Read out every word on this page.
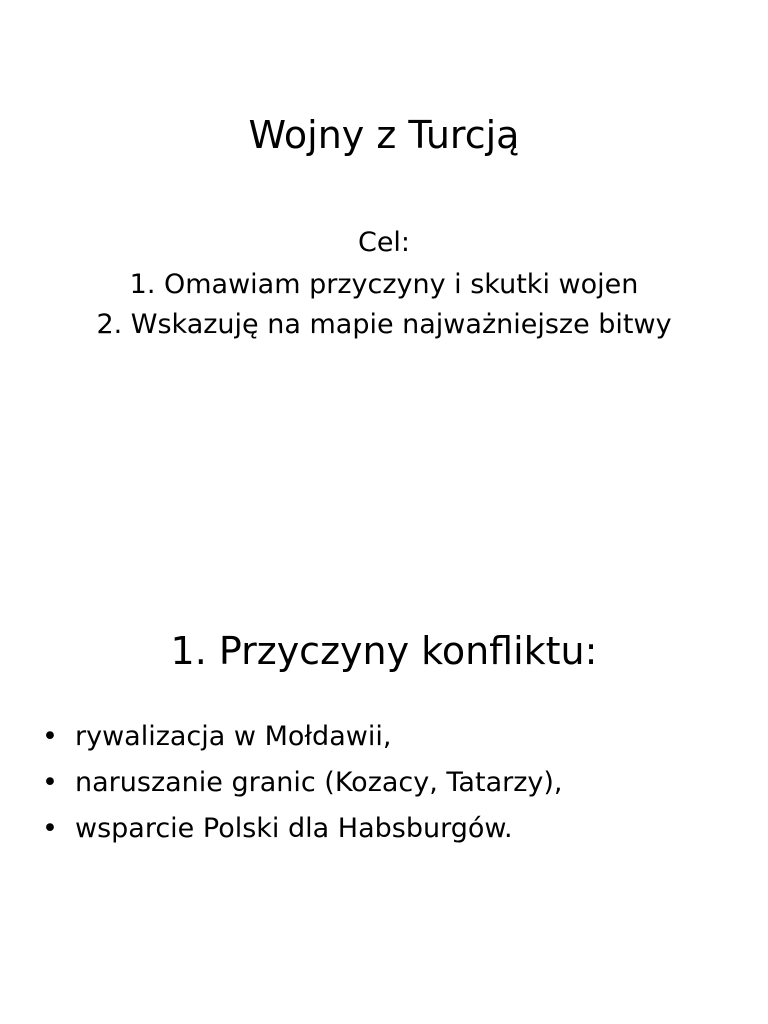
Wojny z Turcją
Cel:
1. Omawiam przyczyny i skutki wojen
2. Wskazuję na mapie najważniejsze bitwy
1. Przyczyny konfliktu:
• rywalizacja w Mołdawii,
• naruszanie granic (Kozacy, Tatarzy),
• wsparcie Polski dla Habsburgów.
